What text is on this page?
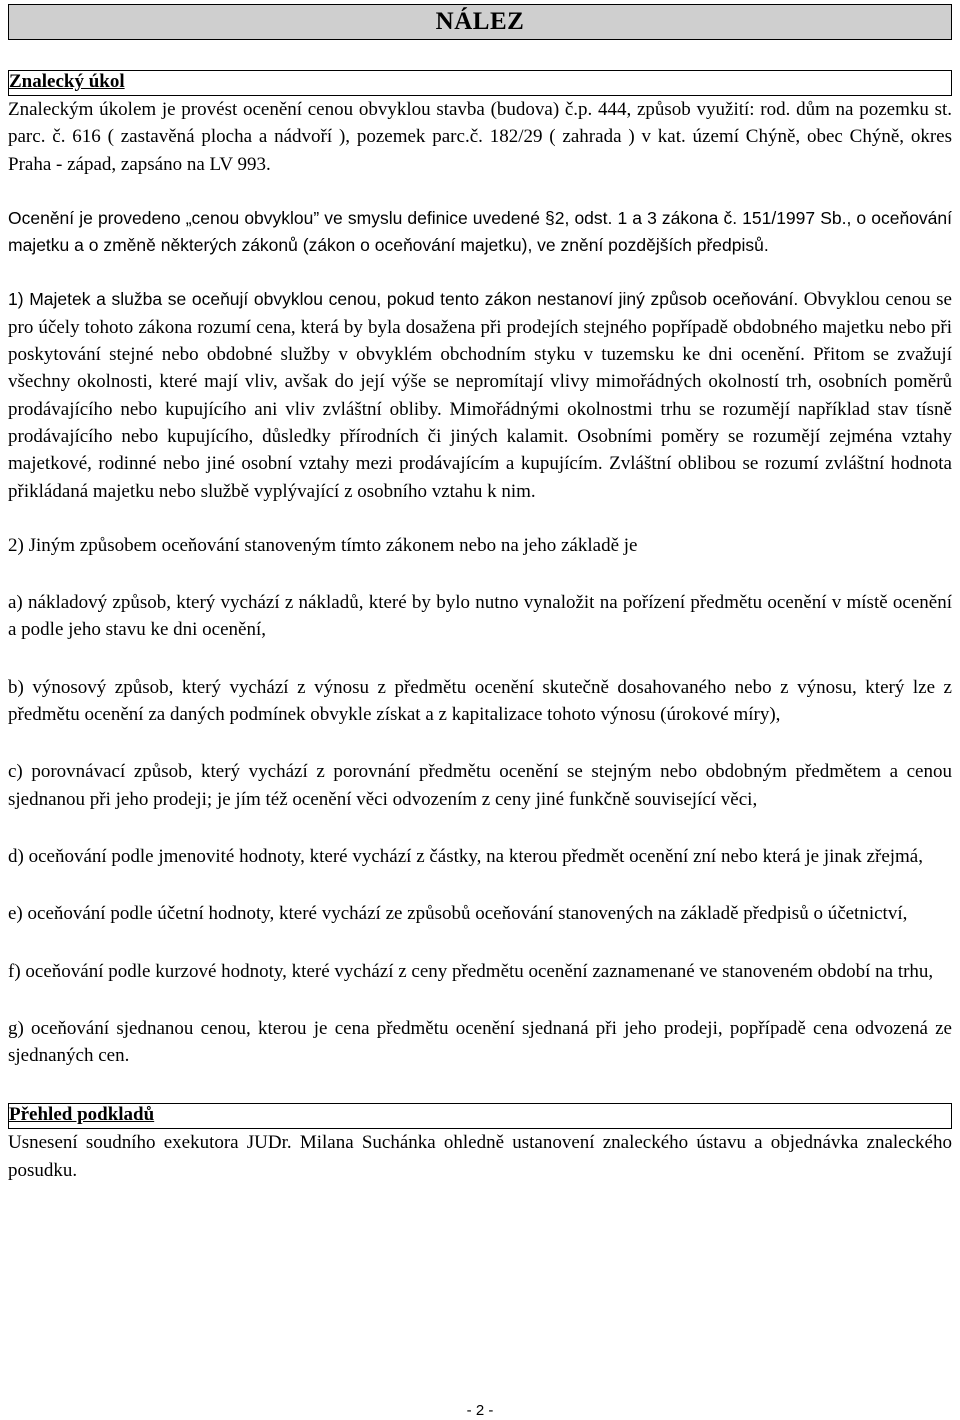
NÁLEZ
Znalecký úkol

Znaleckým úkolem je provést ocenění cenou obvyklou stavba (budova) č.p. 444, způsob využití: rod. dům na pozemku st. parc. č. 616 ( zastavěná plocha a nádvoří ), pozemek parc.č. 182/29 ( zahrada ) v kat. území Chýně, obec Chýně, okres Praha - západ, zapsáno na LV 993.

Ocenění je provedeno „cenou obvyklou” ve smyslu definice uvedené §2, odst. 1 a 3 zákona č. 151/1997 Sb., o oceňování majetku a o změně některých zákonů (zákon o oceňování majetku), ve znění pozdějších předpisů.

1) Majetek a služba se oceňují obvyklou cenou, pokud tento zákon nestanoví jiný způsob oceňování. Obvyklou cenou se pro účely tohoto zákona rozumí cena, která by byla dosažena při prodejích stejného popřípadě obdobného majetku nebo při poskytování stejné nebo obdobné služby v obvyklém obchodním styku v tuzemsku ke dni ocenění. Přitom se zvažují všechny okolnosti, které mají vliv, avšak do její výše se nepromítají vlivy mimořádných okolností trh, osobních poměrů prodávajícího nebo kupujícího ani vliv zvláštní obliby. Mimořádnými okolnostmi trhu se rozumějí například stav tísně prodávajícího nebo kupujícího, důsledky přírodních či jiných kalamit. Osobními poměry se rozumějí zejména vztahy majetkové, rodinné nebo jiné osobní vztahy mezi prodávajícím a kupujícím. Zvláštní oblibou se rozumí zvláštní hodnota přikládaná majetku nebo službě vyplývající z osobního vztahu k nim.

2) Jiným způsobem oceňování stanoveným tímto zákonem nebo na jeho základě je

a) nákladový způsob, který vychází z nákladů, které by bylo nutno vynaložit na pořízení předmětu ocenění v místě ocenění a podle jeho stavu ke dni ocenění,

b) výnosový způsob, který vychází z výnosu z předmětu ocenění skutečně dosahovaného nebo z výnosu, který lze z předmětu ocenění za daných podmínek obvykle získat a z kapitalizace tohoto výnosu (úrokové míry),

c) porovnávací způsob, který vychází z porovnání předmětu ocenění se stejným nebo obdobným předmětem a cenou sjednanou při jeho prodeji; je jím též ocenění věci odvozením z ceny jiné funkčně související věci,

d) oceňování podle jmenovité hodnoty, které vychází z částky, na kterou předmět ocenění zní nebo která je jinak zřejmá,

e) oceňování podle účetní hodnoty, které vychází ze způsobů oceňování stanovených na základě předpisů o účetnictví,

f) oceňování podle kurzové hodnoty, které vychází z ceny předmětu ocenění zaznamenané ve stanoveném období na trhu,

g) oceňování sjednanou cenou, kterou je cena předmětu ocenění sjednaná při jeho prodeji, popřípadě cena odvozená ze sjednaných cen.

Přehled podkladů

Usnesení soudního exekutora JUDr. Milana Suchánka ohledně ustanovení znaleckého ústavu a objednávka znaleckého posudku.

- 2 -
